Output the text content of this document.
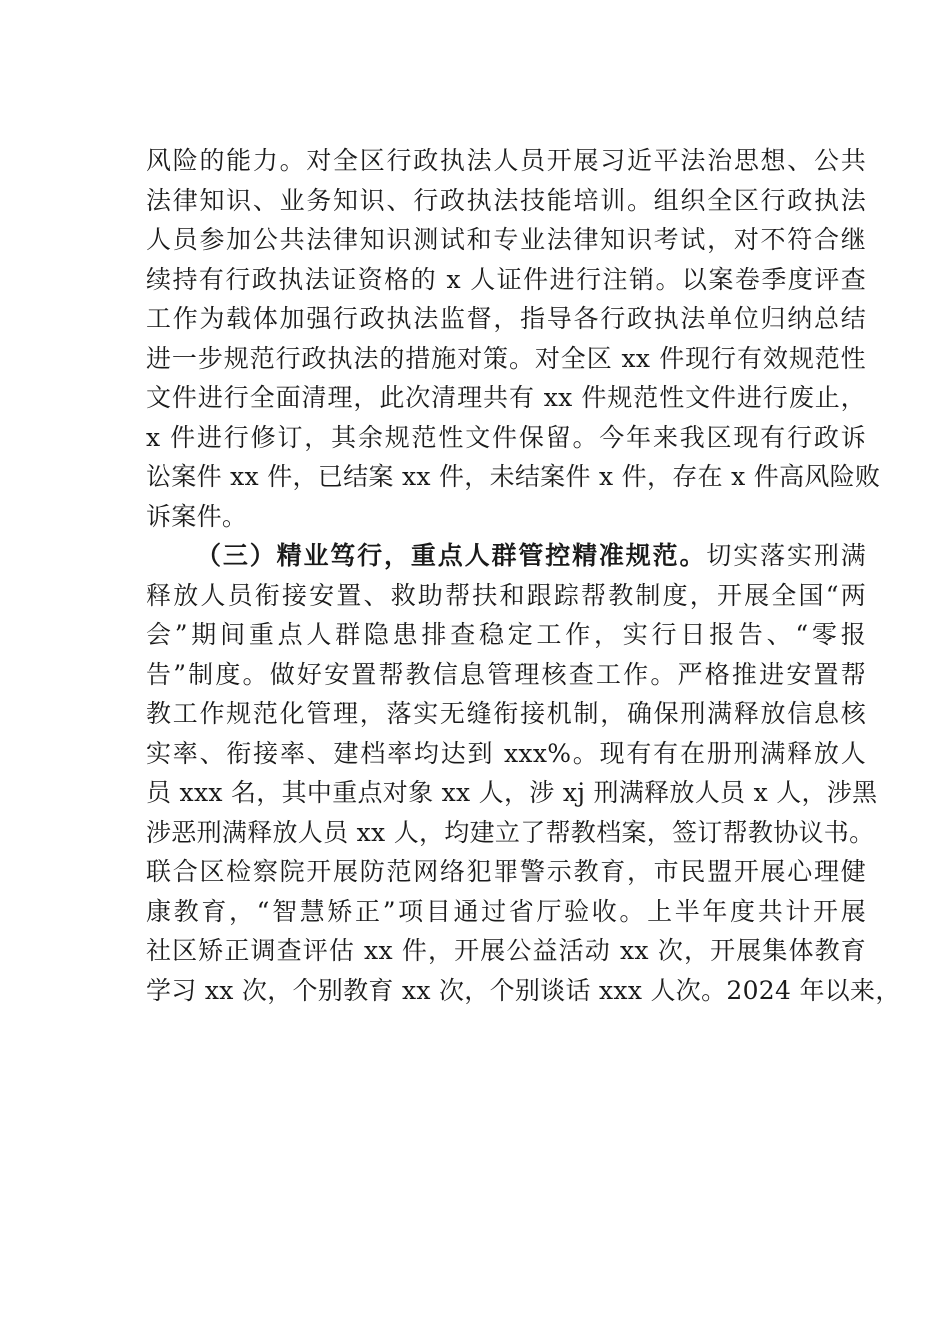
风险的能力。对全区行政执法人员开展习近平法治思想、公共
法律知识、业务知识、行政执法技能培训。组织全区行政执法
人员参加公共法律知识测试和专业法律知识考试，对不符合继
续持有行政执法证资格的 x 人证件进行注销。以案卷季度评查
工作为载体加强行政执法监督，指导各行政执法单位归纳总结
进一步规范行政执法的措施对策。对全区 xx 件现行有效规范性
文件进行全面清理，此次清理共有 xx 件规范性文件进行废止，
x 件进行修订，其余规范性文件保留。今年来我区现有行政诉
讼案件 xx 件，已结案 xx 件，未结案件 x 件，存在 x 件高风险败
诉案件。
（三）精业笃行，重点人群管控精准规范。切实落实刑满
释放人员衔接安置、救助帮扶和跟踪帮教制度，开展全国“两
会”期间重点人群隐患排查稳定工作，实行日报告、“零报
告”制度。做好安置帮教信息管理核查工作。严格推进安置帮
教工作规范化管理，落实无缝衔接机制，确保刑满释放信息核
实率、衔接率、建档率均达到 xxx%。现有有在册刑满释放人
员 xxx 名，其中重点对象 xx 人，涉 xj 刑满释放人员 x 人，涉黑
涉恶刑满释放人员 xx 人，均建立了帮教档案，签订帮教协议书。
联合区检察院开展防范网络犯罪警示教育，市民盟开展心理健
康教育，“智慧矫正”项目通过省厅验收。上半年度共计开展
社区矫正调查评估 xx 件，开展公益活动 xx 次，开展集体教育
学习 xx 次，个别教育 xx 次，个别谈话 xxx 人次。2024 年以来，
